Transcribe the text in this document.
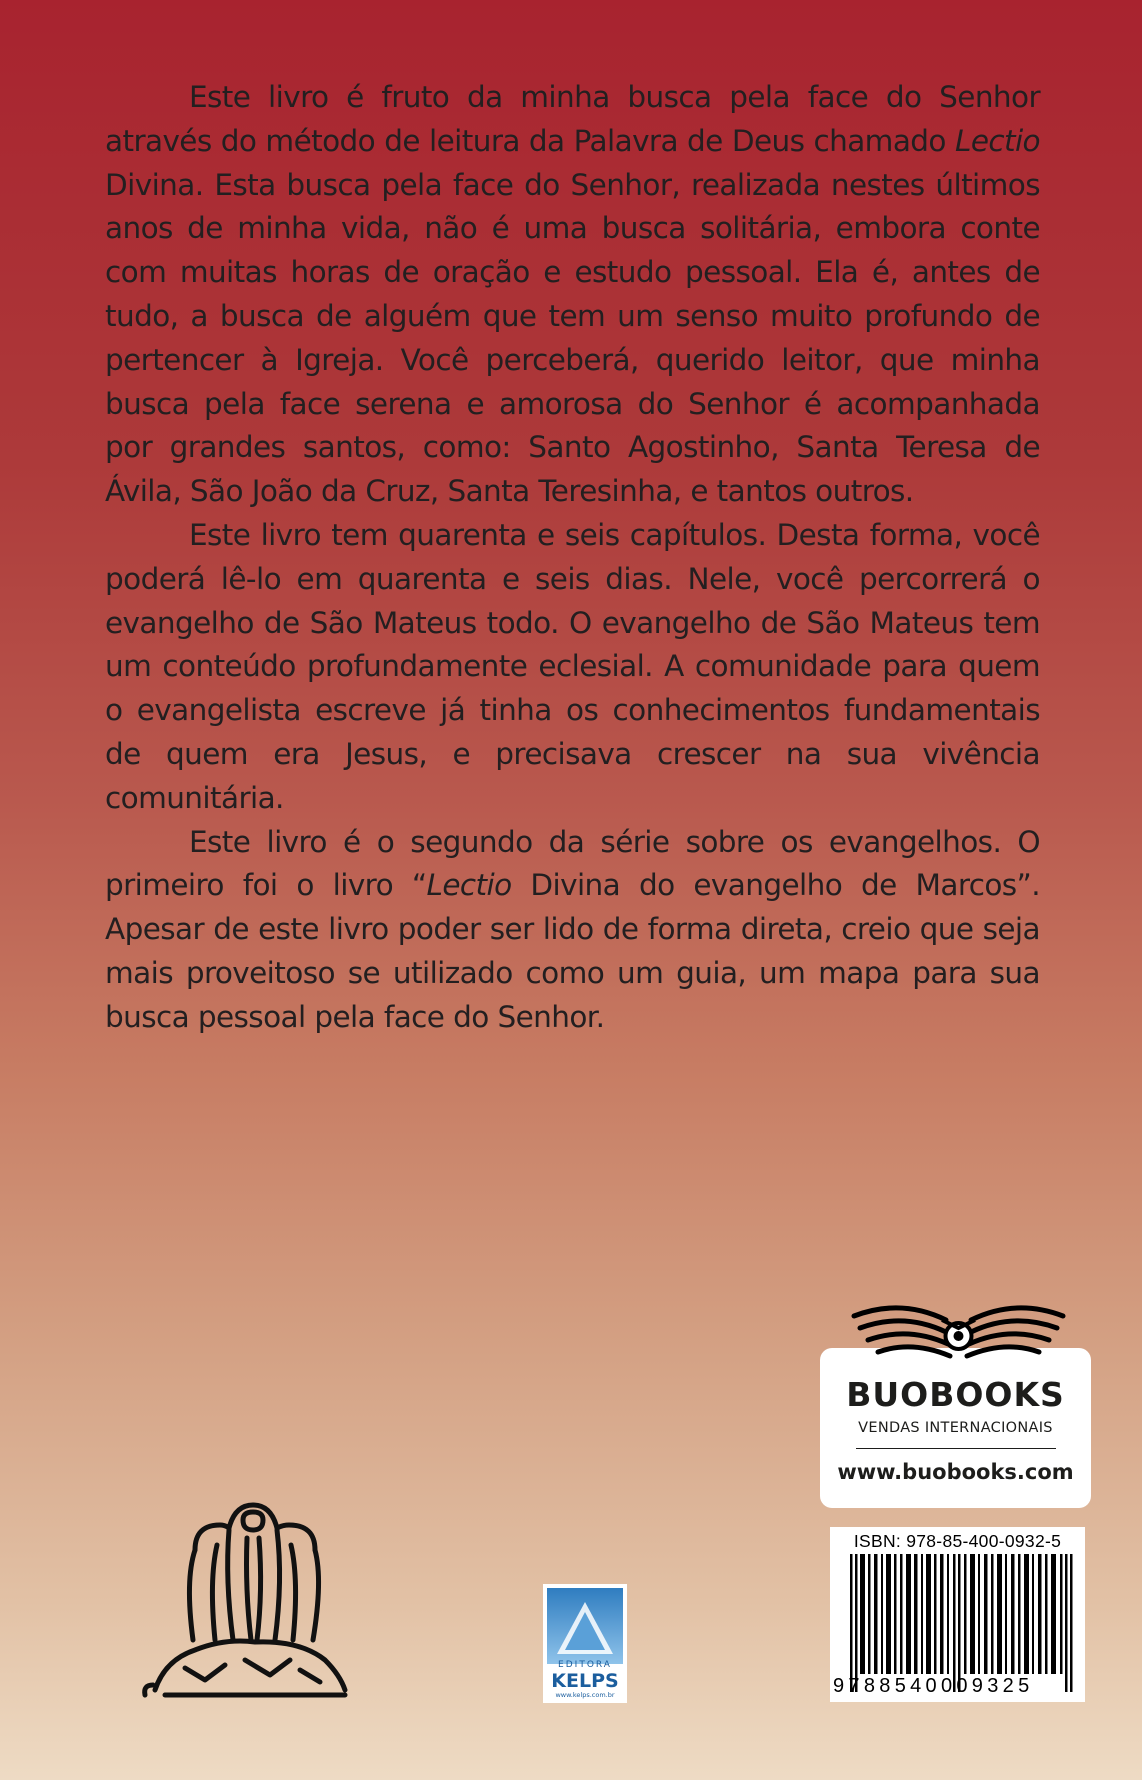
Este livro é fruto da minha busca pela face do Senhor através do método de leitura da Palavra de Deus chamado Lectio Divina. Esta busca pela face do Senhor, realizada nestes últimos anos de minha vida, não é uma busca solitária, embora conte com muitas horas de oração e estudo pessoal. Ela é, antes de tudo, a busca de alguém que tem um senso muito profundo de pertencer à Igreja. Você perceberá, querido leitor, que minha busca pela face serena e amorosa do Senhor é acompanhada por grandes santos, como: Santo Agostinho, Santa Teresa de Ávila, São João da Cruz, Santa Teresinha, e tantos outros.

Este livro tem quarenta e seis capítulos. Desta forma, você poderá lê-lo em quarenta e seis dias. Nele, você percorrerá o evangelho de São Mateus todo. O evangelho de São Mateus tem um conteúdo profundamente eclesial. A comunidade para quem o evangelista escreve já tinha os conhecimentos fundamentais de quem era Jesus, e precisava crescer na sua vivência comunitária.

Este livro é o segundo da série sobre os evangelhos. O primeiro foi o livro “Lectio Divina do evangelho de Marcos”. Apesar de este livro poder ser lido de forma direta, creio que seja mais proveitoso se utilizado como um guia, um mapa para sua busca pessoal pela face do Senhor.

BUOBOOKS
VENDAS INTERNACIONAIS
www.buobooks.com
ISBN: 978-85-400-0932-5
9788540009325
EDITORA
KELPS
www.kelps.com.br
